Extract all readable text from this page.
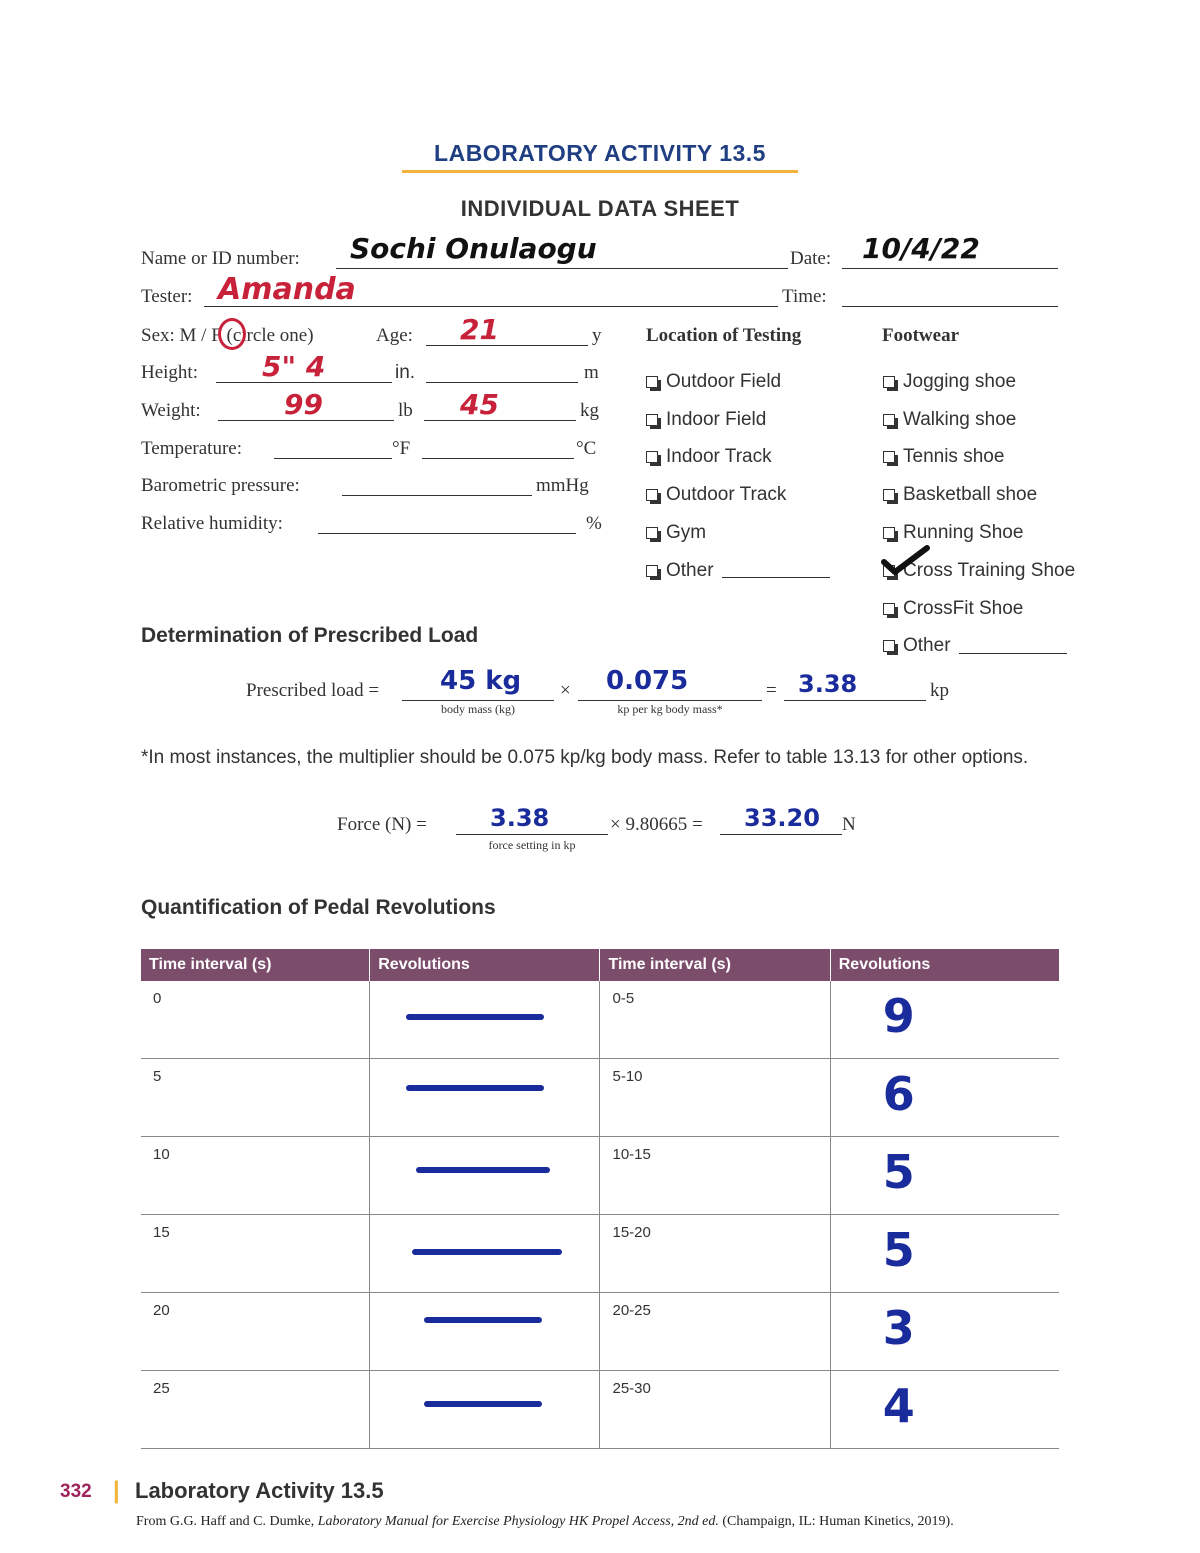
LABORATORY ACTIVITY 13.5
INDIVIDUAL DATA SHEET
Name or ID number: Sochi Onulaogu	Date: 10/4/22
Tester: Amanda	Time:
Sex: M / F (circle one)	Age: 21	y
Height: 5" 4	in.	m
Weight:	99	lb 45	kg
Temperature:	°F	°C
Barometric pressure:	mmHg
Relative humidity:	%
Location of Testing
Outdoor Field
Indoor Field
Indoor Track
Outdoor Track
Gym
Other
Footwear
Jogging shoe
Walking shoe
Tennis shoe
Basketball shoe
Running Shoe
Cross Training Shoe
CrossFit Shoe
Other
Determination of Prescribed Load
Prescribed load = 45 kg
body mass (kg)
× 0.075
kp per kg body mass*
= 3.38	kp
*In most instances, the multiplier should be 0.075 kp/kg body mass. Refer to table 13.13 for other options.
Force (N) =	3.38
force setting in kp
× 9.80665 = 33.20 N
Quantification of Pedal Revolutions
Time interval (s)	Revolutions	Time interval (s)	Revolutions
0		0-5	9

5		5-10	6

10		10-15	5

15		15-20	5

20		20-25	3

25		25-30	4
332 | Laboratory Activity 13.5
From G.G. Haff and C. Dumke, Laboratory Manual for Exercise Physiology HK Propel Access, 2nd ed. (Champaign, IL: Human Kinetics, 2019).
